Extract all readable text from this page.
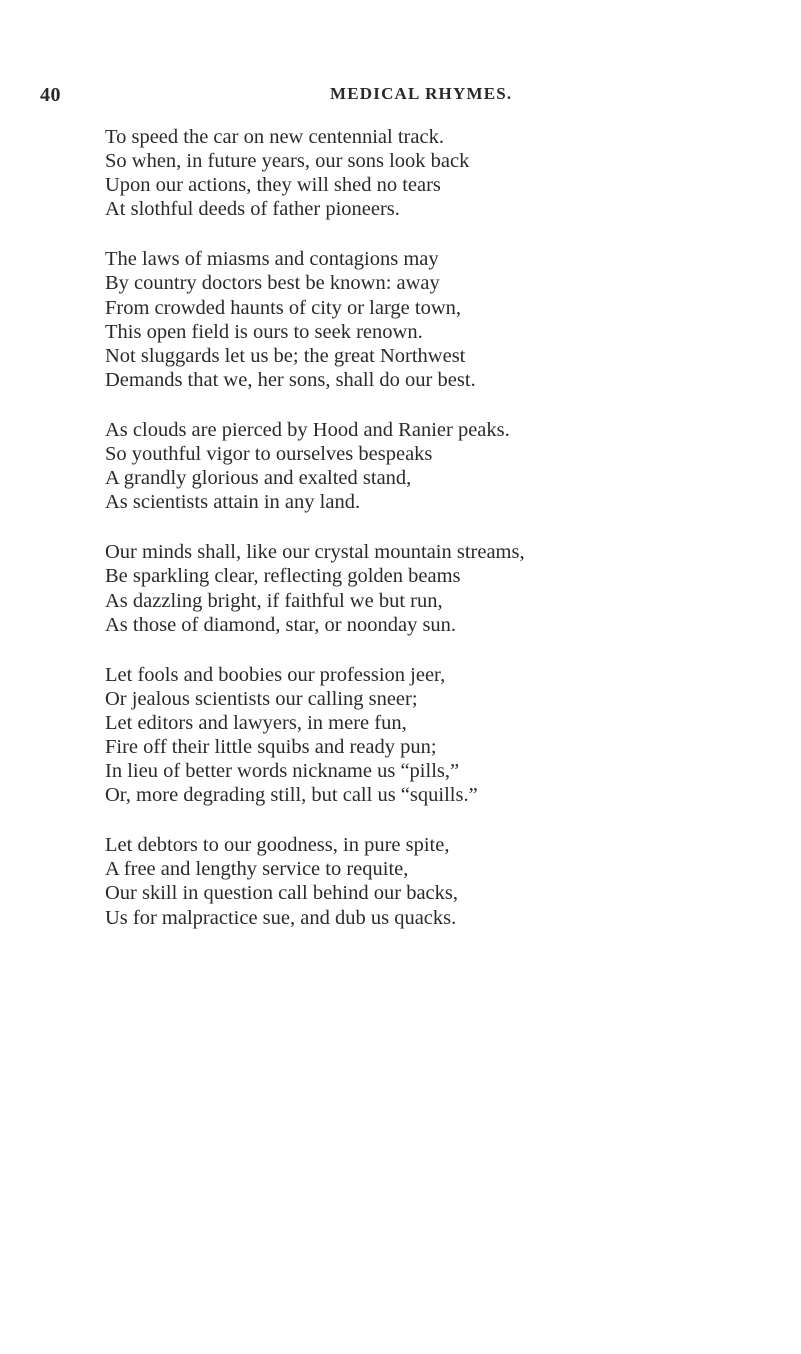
40	MEDICAL RHYMES.
To speed the car on new centennial track.
So when, in future years, our sons look back
Upon our actions, they will shed no tears
At slothful deeds of father pioneers.
The laws of miasms and contagions may
By country doctors best be known: away
From crowded haunts of city or large town,
This open field is ours to seek renown.
Not sluggards let us be; the great Northwest
Demands that we, her sons, shall do our best.
As clouds are pierced by Hood and Ranier peaks.
So youthful vigor to ourselves bespeaks
A grandly glorious and exalted stand,
As scientists attain in any land.
Our minds shall, like our crystal mountain streams,
Be sparkling clear, reflecting golden beams
As dazzling bright, if faithful we but run,
As those of diamond, star, or noonday sun.
Let fools and boobies our profession jeer,
Or jealous scientists our calling sneer;
Let editors and lawyers, in mere fun,
Fire off their little squibs and ready pun;
In lieu of better words nickname us “pills,”
Or, more degrading still, but call us “squills.”
Let debtors to our goodness, in pure spite,
A free and lengthy service to requite,
Our skill in question call behind our backs,
Us for malpractice sue, and dub us quacks.
